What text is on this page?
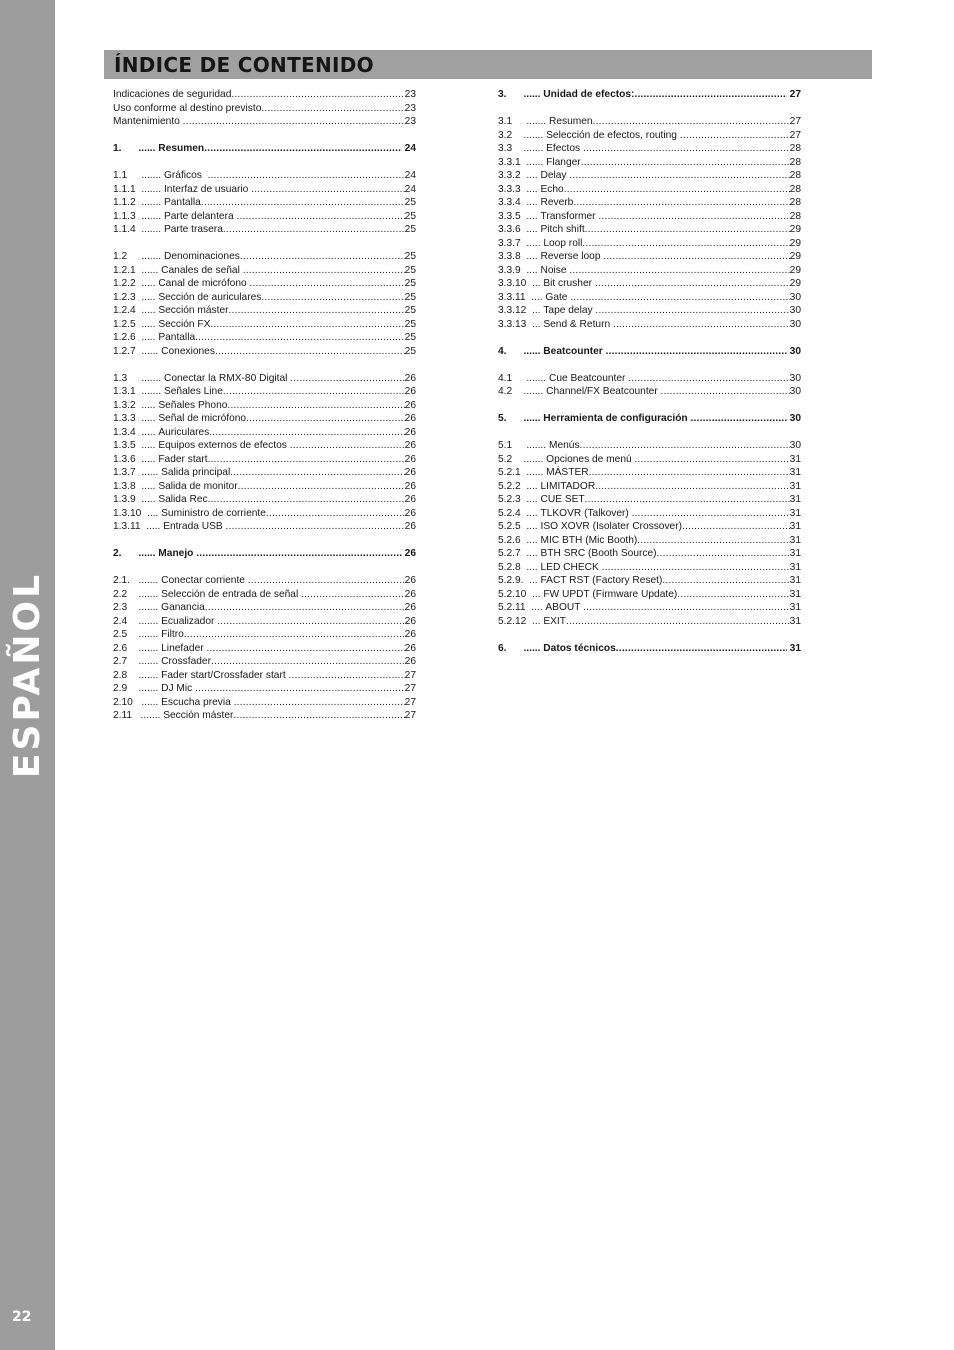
ESPAÑOL
22
ÍNDICE DE CONTENIDO
Indicaciones de seguridad .....	23
Uso conforme al destino previsto .....	23
Mantenimiento .....	23
1.      ...... Resumen .....	24
1.1     ....... Gráficos .....	24
1.1.1  ....... Interfaz de usuario .....	24
1.1.2  ....... Pantalla .....	25
1.1.3  ....... Parte delantera .....	25
1.1.4  ....... Parte trasera .....	25
1.2     ....... Denominaciones .....	25
1.2.1  ...... Canales de señal .....	25
1.2.2  ..... Canal de micrófono .....	25
1.2.3  ..... Sección de auriculares .....	25
1.2.4  ..... Sección máster .....	25
1.2.5  ..... Sección FX .....	25
1.2.6  ..... Pantalla .....	25
1.2.7  ...... Conexiones .....	25
1.3     ....... Conectar la RMX-80 Digital .....	26
1.3.1  ....... Señales Line .....	26
1.3.2  ..... Señales Phono .....	26
1.3.3  ..... Señal de micrófono .....	26
1.3.4  ..... Auriculares .....	26
1.3.5  ..... Equipos externos de efectos .....	26
1.3.6  ..... Fader start .....	26
1.3.7  ...... Salida principal .....	26
1.3.8  ..... Salida de monitor .....	26
1.3.9  ..... Salida Rec .....	26
1.3.10  .... Suministro de corriente .....	26
1.3.11  ..... Entrada USB .....	26
2.      ...... Manejo .....	26
2.1.   ....... Conectar corriente .....	26
2.2    ....... Selección de entrada de señal .....	26
2.3    ....... Ganancia .....	26
2.4    ....... Ecualizador .....	26
2.5    ....... Filtro .....	26
2.6    ....... Linefader .....	26
2.7    ....... Crossfader .....	26
2.8    ....... Fader start/Crossfader start .....	27
2.9    ....... DJ Mic .....	27
2.10   ...... Escucha previa .....	27
2.11   ....... Sección máster .....	27
3.      ...... Unidad de efectos: .....	27
3.1     ....... Resumen .....	27
3.2    ....... Selección de efectos, routing .....	27
3.3    ....... Efectos .....	28
3.3.1  ...... Flanger .....	28
3.3.2  .... Delay .....	28
3.3.3  .... Echo .....	28
3.3.4  .... Reverb .....	28
3.3.5  .... Transformer .....	28
3.3.6  .... Pitch shift .....	29
3.3.7  ..... Loop roll .....	29
3.3.8  .... Reverse loop .....	29
3.3.9  .... Noise .....	29
3.3.10  ... Bit crusher .....	29
3.3.11  .... Gate .....	30
3.3.12  ... Tape delay .....	30
3.3.13  ... Send & Return .....	30
4.      ...... Beatcounter .....	30
4.1     ....... Cue Beatcounter .....	30
4.2    ....... Channel/FX Beatcounter .....	30
5.      ...... Herramienta de configuración .....	30
5.1     ....... Menús .....	30
5.2    ....... Opciones de menú .....	31
5.2.1  ...... MÁSTER .....	31
5.2.2  .... LIMITADOR .....	31
5.2.3  .... CUE SET .....	31
5.2.4  .... TLKOVR (Talkover) .....	31
5.2.5  .... ISO XOVR (Isolater Crossover) .....	31
5.2.6  .... MIC BTH (Mic Booth) .....	31
5.2.7  .... BTH SRC (Booth Source) .....	31
5.2.8  .... LED CHECK .....	31
5.2.9.  ... FACT RST (Factory Reset) .....	31
5.2.10  ... FW UPDT (Firmware Update) .....	31
5.2.11  .... ABOUT .....	31
5.2.12  ... EXIT .....	31
6.      ...... Datos técnicos .....	31
